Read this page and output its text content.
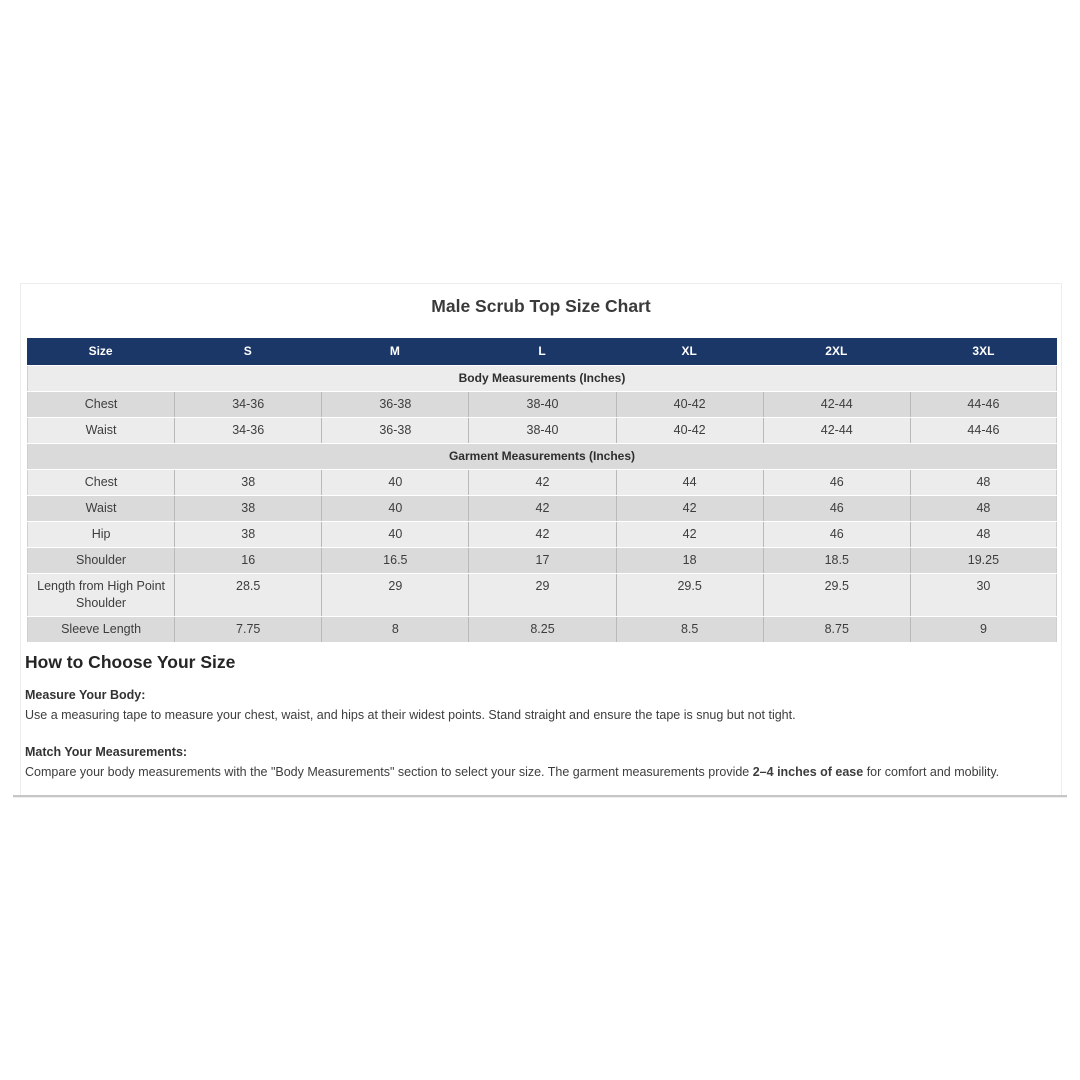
Male Scrub Top Size Chart
Size	S	M	L	XL	2XL	3XL
Body Measurements (Inches)						
Chest	34-36	36-38	38-40	40-42	42-44	44-46
Waist	34-36	36-38	38-40	40-42	42-44	44-46
Garment Measurements (Inches)						
Chest	38	40	42	44	46	48
Waist	38	40	42	42	46	48
Hip	38	40	42	42	46	48
Shoulder	16	16.5	17	18	18.5	19.25
Length from High Point Shoulder	28.5	29	29	29.5	29.5	30
Sleeve Length	7.75	8	8.25	8.5	8.75	9
How to Choose Your Size

Measure Your Body:

Use a measuring tape to measure your chest, waist, and hips at their widest points. Stand straight and ensure the tape is snug but not tight.

Match Your Measurements:

Compare your body measurements with the "Body Measurements" section to select your size. The garment measurements provide 2–4 inches of ease for comfort and mobility.
